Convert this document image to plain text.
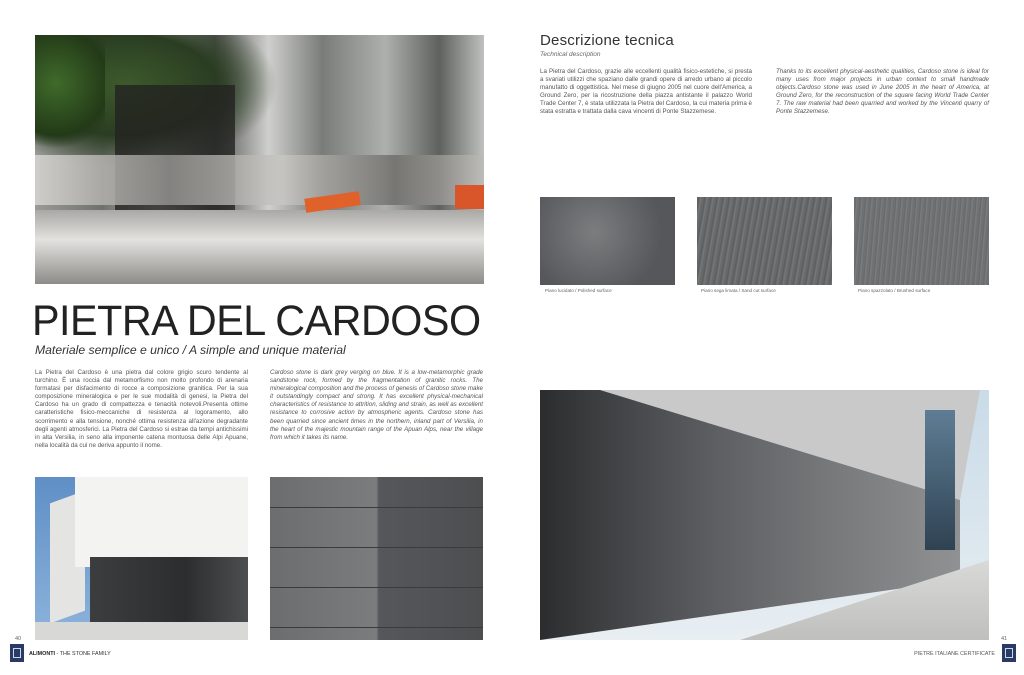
Descrizione tecnica
Technical description
La Pietra del Cardoso, grazie alle eccellenti qualità fisico-estetiche, si presta a svariati utilizzi che spaziano dalle grandi opere di arredo urbano al piccolo manufatto di oggettistica. Nel mese di giugno 2005 nel cuore dell'America, a Ground Zero, per la ricostruzione della piazza antistante il palazzo World Trade Center 7, è stata utilizzata la Pietra del Cardoso, la cui materia prima è stata estratta e trattata dalla cava vincenti di Ponte Stazzemese.
Thanks to its excellent physical-aesthetic qualities, Cardoso stone is ideal for many uses from major projects in urban context to small handmade objects.Cardoso stone was used in June 2005 in the heart of America, at Ground Zero, for the reconstruction of the square facing World Trade Center 7. The raw material had been quarried and worked by the Vincenti quarry of Ponte Stazzemese.
Piano lucidato / Polished surface	Piano sega limata / Sand cut surface	Piano spazzolato / Brushed surface
PIETRA DEL CARDOSO
Materiale semplice e unico / A simple and unique material
La Pietra del Cardoso è una pietra dal colore grigio scuro tendente al turchino. È una roccia dal metamorfismo non molto profondo di arenaria formatasi per disfacimento di rocce a composizione granitica. Per la sua composizione mineralogica e per le sue modalità di genesi, la Pietra del Cardoso ha un grado di compattezza e tenacità notevoli.Presenta ottime caratteristiche fisico-meccaniche di resistenza al logoramento, allo scorrimento e alla tensione, nonché ottima resistenza all'azione degradante degli agenti atmosferici. La Pietra del Cardoso si estrae da tempi antichissimi in alta Versilia, in seno alla imponente catena montuosa delle Alpi Apuane, nella località da cui ne deriva appunto il nome.
Cardoso stone is dark grey verging on blue. It is a low-metamorphic grade sandstone rock, formed by the fragmentation of granitic rocks. The mineralogical composition and the process of genesis of Cardoso stone make it outstandingly compact and strong. It has excellent physical-mechanical characteristics of resistance to attrition, sliding and strain, as well as excellent resistance to corrosive action by atmospheric agents. Cardoso stone has been quarried since ancient times in the northern, inland part of Versilia, in the heart of the majestic mountain range of the Apuan Alps, near the village from which it takes its name.
40	41
ALIMONTI - THE STONE FAMILY	PIETRE ITALIANE CERTIFICATE
